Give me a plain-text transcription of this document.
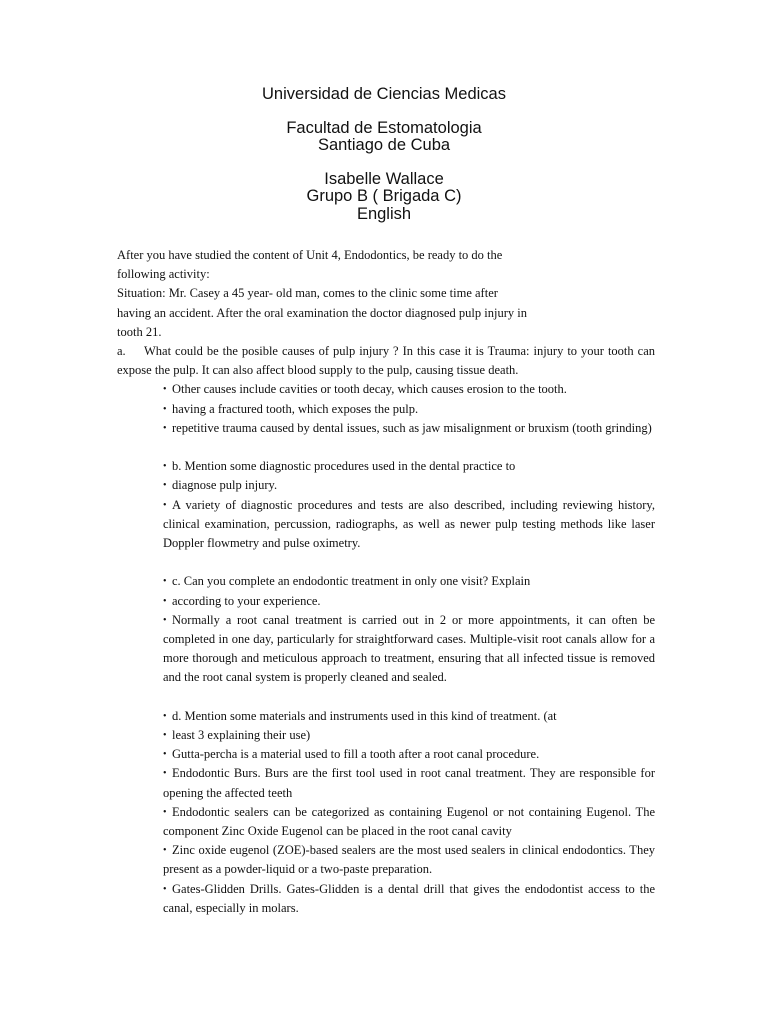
Universidad de Ciencias Medicas
Facultad de Estomatologia
Santiago de Cuba
Isabelle Wallace
Grupo B ( Brigada C)
English
After you have studied the content of Unit 4, Endodontics, be ready to do the
following activity:
Situation: Mr. Casey a 45 year- old man, comes to the clinic some time after
having an accident. After the oral examination the doctor diagnosed pulp injury in
tooth 21.
a. What could be the posible causes of pulp injury ? In this case it is Trauma: injury to your tooth can expose the pulp. It can also affect blood supply to the pulp, causing tissue death.
• Other causes include cavities or tooth decay, which causes erosion to the tooth.
• having a fractured tooth, which exposes the pulp.
• repetitive trauma caused by dental issues, such as jaw misalignment or bruxism (tooth grinding)
• b. Mention some diagnostic procedures used in the dental practice to
• diagnose pulp injury.
• A variety of diagnostic procedures and tests are also described, including reviewing history, clinical examination, percussion, radiographs, as well as newer pulp testing methods like laser Doppler flowmetry and pulse oximetry.
• c. Can you complete an endodontic treatment in only one visit? Explain
• according to your experience.
• Normally a root canal treatment is carried out in 2 or more appointments, it can often be completed in one day, particularly for straightforward cases. Multiple-visit root canals allow for a more thorough and meticulous approach to treatment, ensuring that all infected tissue is removed and the root canal system is properly cleaned and sealed.
• d. Mention some materials and instruments used in this kind of treatment. (at
• least 3 explaining their use)
• Gutta-percha is a material used to fill a tooth after a root canal procedure.
• Endodontic Burs. Burs are the first tool used in root canal treatment. They are responsible for opening the affected teeth
• Endodontic sealers can be categorized as containing Eugenol or not containing Eugenol. The component Zinc Oxide Eugenol can be placed in the root canal cavity
• Zinc oxide eugenol (ZOE)-based sealers are the most used sealers in clinical endodontics. They present as a powder-liquid or a two-paste preparation.
• Gates-Glidden Drills. Gates-Glidden is a dental drill that gives the endodontist access to the canal, especially in molars.
